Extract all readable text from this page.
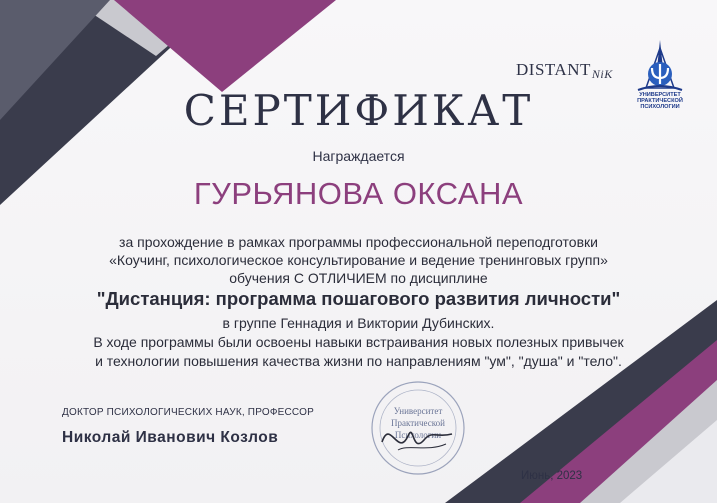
DISTANTNiK
УНИВЕРСИТЕТ
ПРАКТИЧЕСКОЙ
ПСИХОЛОГИИ
СЕРТИФИКАТ
Награждается
ГУРЬЯНОВА ОКСАНА
за прохождение в рамках программы профессиональной переподготовки
«Коучинг, психологическое консультирование и ведение тренинговых групп»
обучения С ОТЛИЧИЕМ по дисциплине
"Дистанция: программа пошагового развития личности"
в группе Геннадия и Виктории Дубинских.
В ходе программы были освоены навыки встраивания новых полезных привычек
и технологии повышения качества жизни по направлениям "ум", "душа" и "тело".
ДОКТОР ПСИХОЛОГИЧЕСКИХ НАУК, ПРОФЕССОР
Николай Иванович Козлов
Университет
Практической
Психологии
Июнь, 2023
